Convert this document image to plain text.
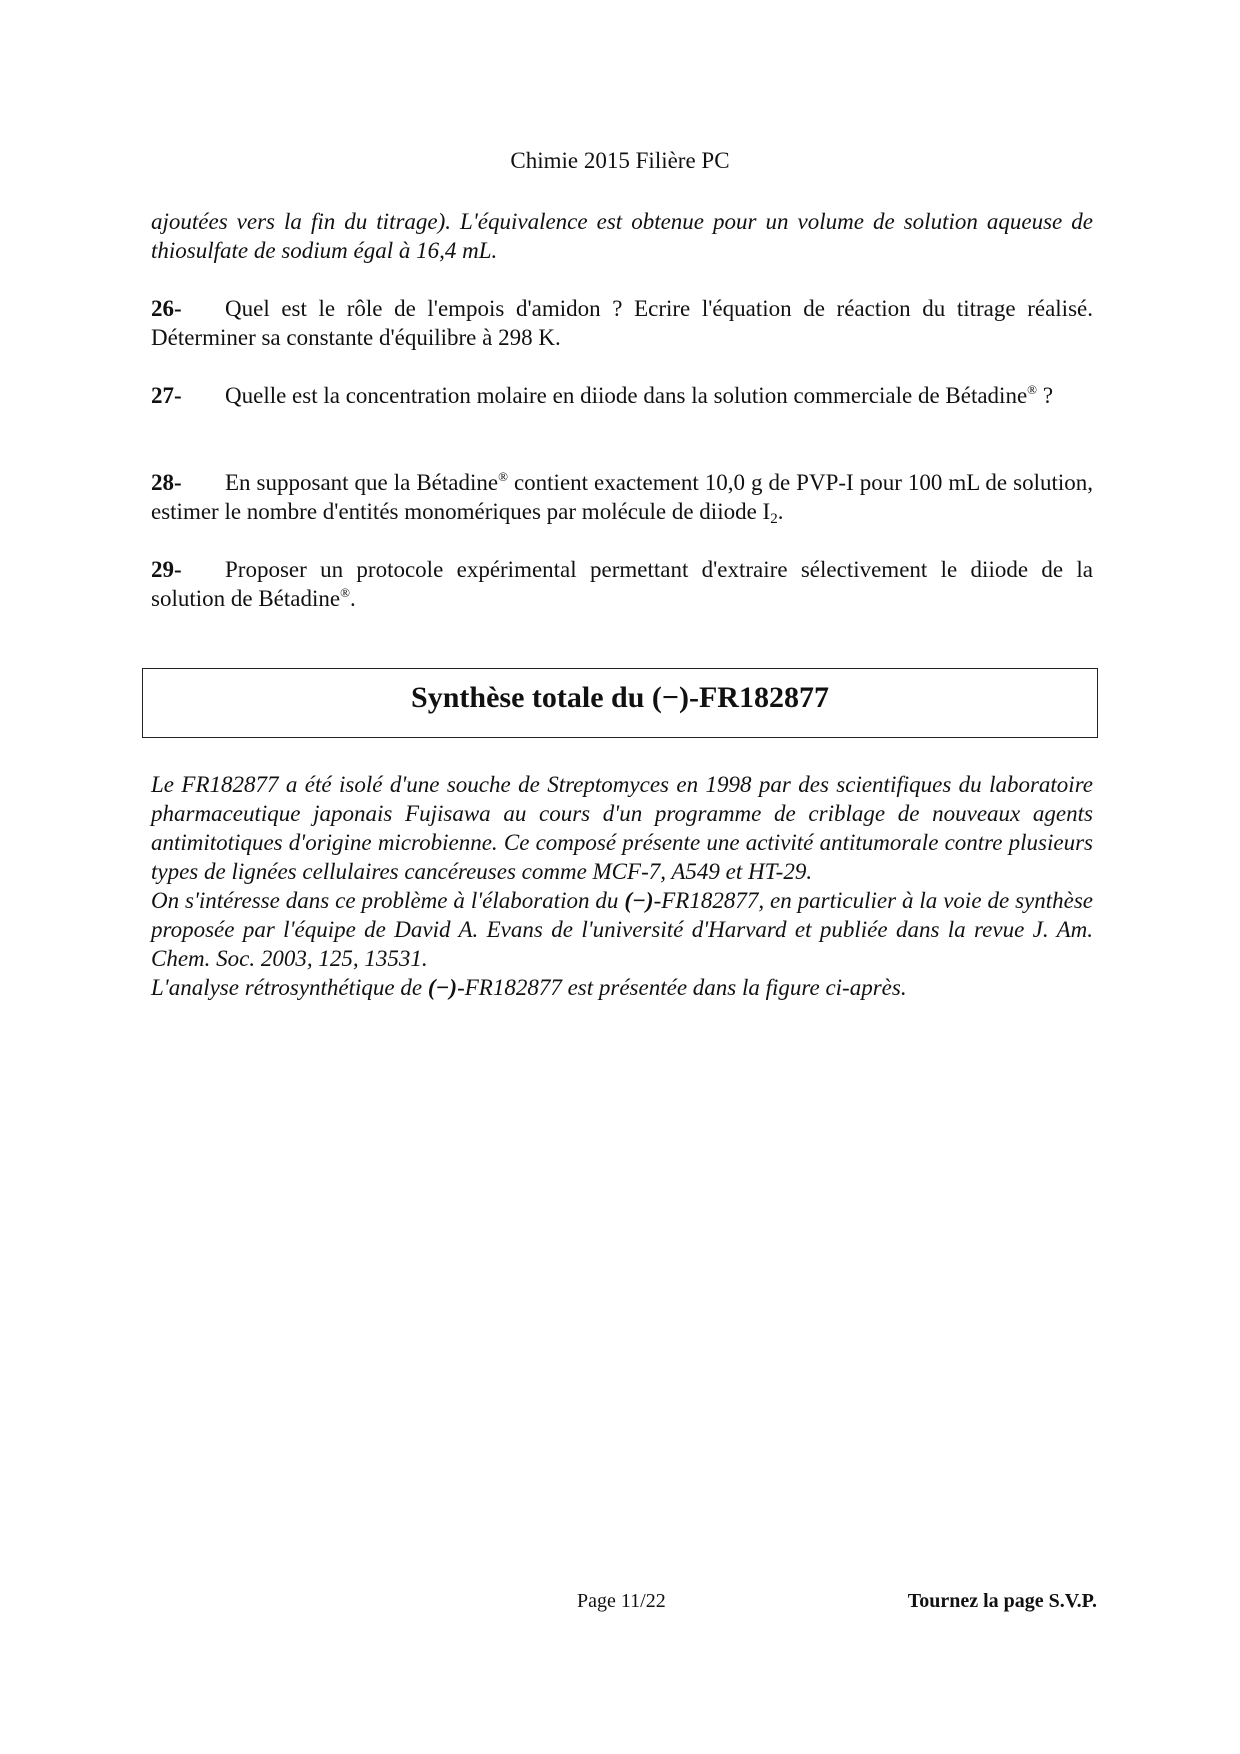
Chimie 2015 Filière PC
ajoutées vers la fin du titrage). L'équivalence est obtenue pour un volume de solution aqueuse de thiosulfate de sodium égal à 16,4 mL.
26- Quel est le rôle de l'empois d'amidon ? Ecrire l'équation de réaction du titrage réalisé. Déterminer sa constante d'équilibre à 298 K.
27- Quelle est la concentration molaire en diiode dans la solution commerciale de Bétadine® ?
28- En supposant que la Bétadine® contient exactement 10,0 g de PVP-I pour 100 mL de solution, estimer le nombre d'entités monomériques par molécule de diiode $I_2$.
29- Proposer un protocole expérimental permettant d'extraire sélectivement le diiode de la solution de Bétadine®.
Synthèse totale du (−)-FR182877

Le FR182877 a été isolé d'une souche de Streptomyces en 1998 par des scientifiques du laboratoire pharmaceutique japonais Fujisawa au cours d'un programme de criblage de nouveaux agents antimitotiques d'origine microbienne. Ce composé présente une activité antitumorale contre plusieurs types de lignées cellulaires cancéreuses comme MCF-7, A549 et HT-29.

On s'intéresse dans ce problème à l'élaboration du (−)-FR182877, en particulier à la voie de synthèse proposée par l'équipe de David A. Evans de l'université d'Harvard et publiée dans la revue J. Am. Chem. Soc. 2003, 125, 13531.

L'analyse rétrosynthétique de (−)-FR182877 est présentée dans la figure ci-après.

Page 11/22	Tournez la page S.V.P.
